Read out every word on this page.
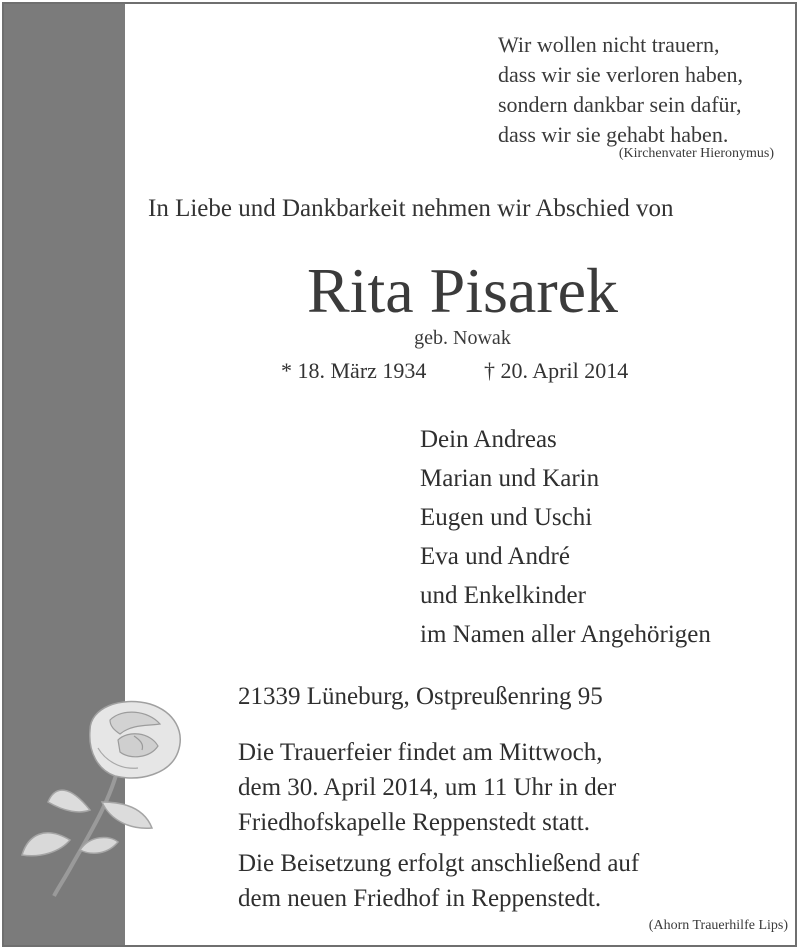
Wir wollen nicht trauern,
dass wir sie verloren haben,
sondern dankbar sein dafür,
dass wir sie gehabt haben.
(Kirchenvater Hieronymus)
In Liebe und Dankbarkeit nehmen wir Abschied von
Rita Pisarek
geb. Nowak
* 18. März 1934	† 20. April 2014
Dein Andreas
Marian und Karin
Eugen und Uschi
Eva und André
und Enkelkinder
im Namen aller Angehörigen
21339 Lüneburg, Ostpreußenring 95
Die Trauerfeier findet am Mittwoch,
dem 30. April 2014, um 11 Uhr in der
Friedhofskapelle Reppenstedt statt.
Die Beisetzung erfolgt anschließend auf
dem neuen Friedhof in Reppenstedt.
(Ahorn Trauerhilfe Lips)
